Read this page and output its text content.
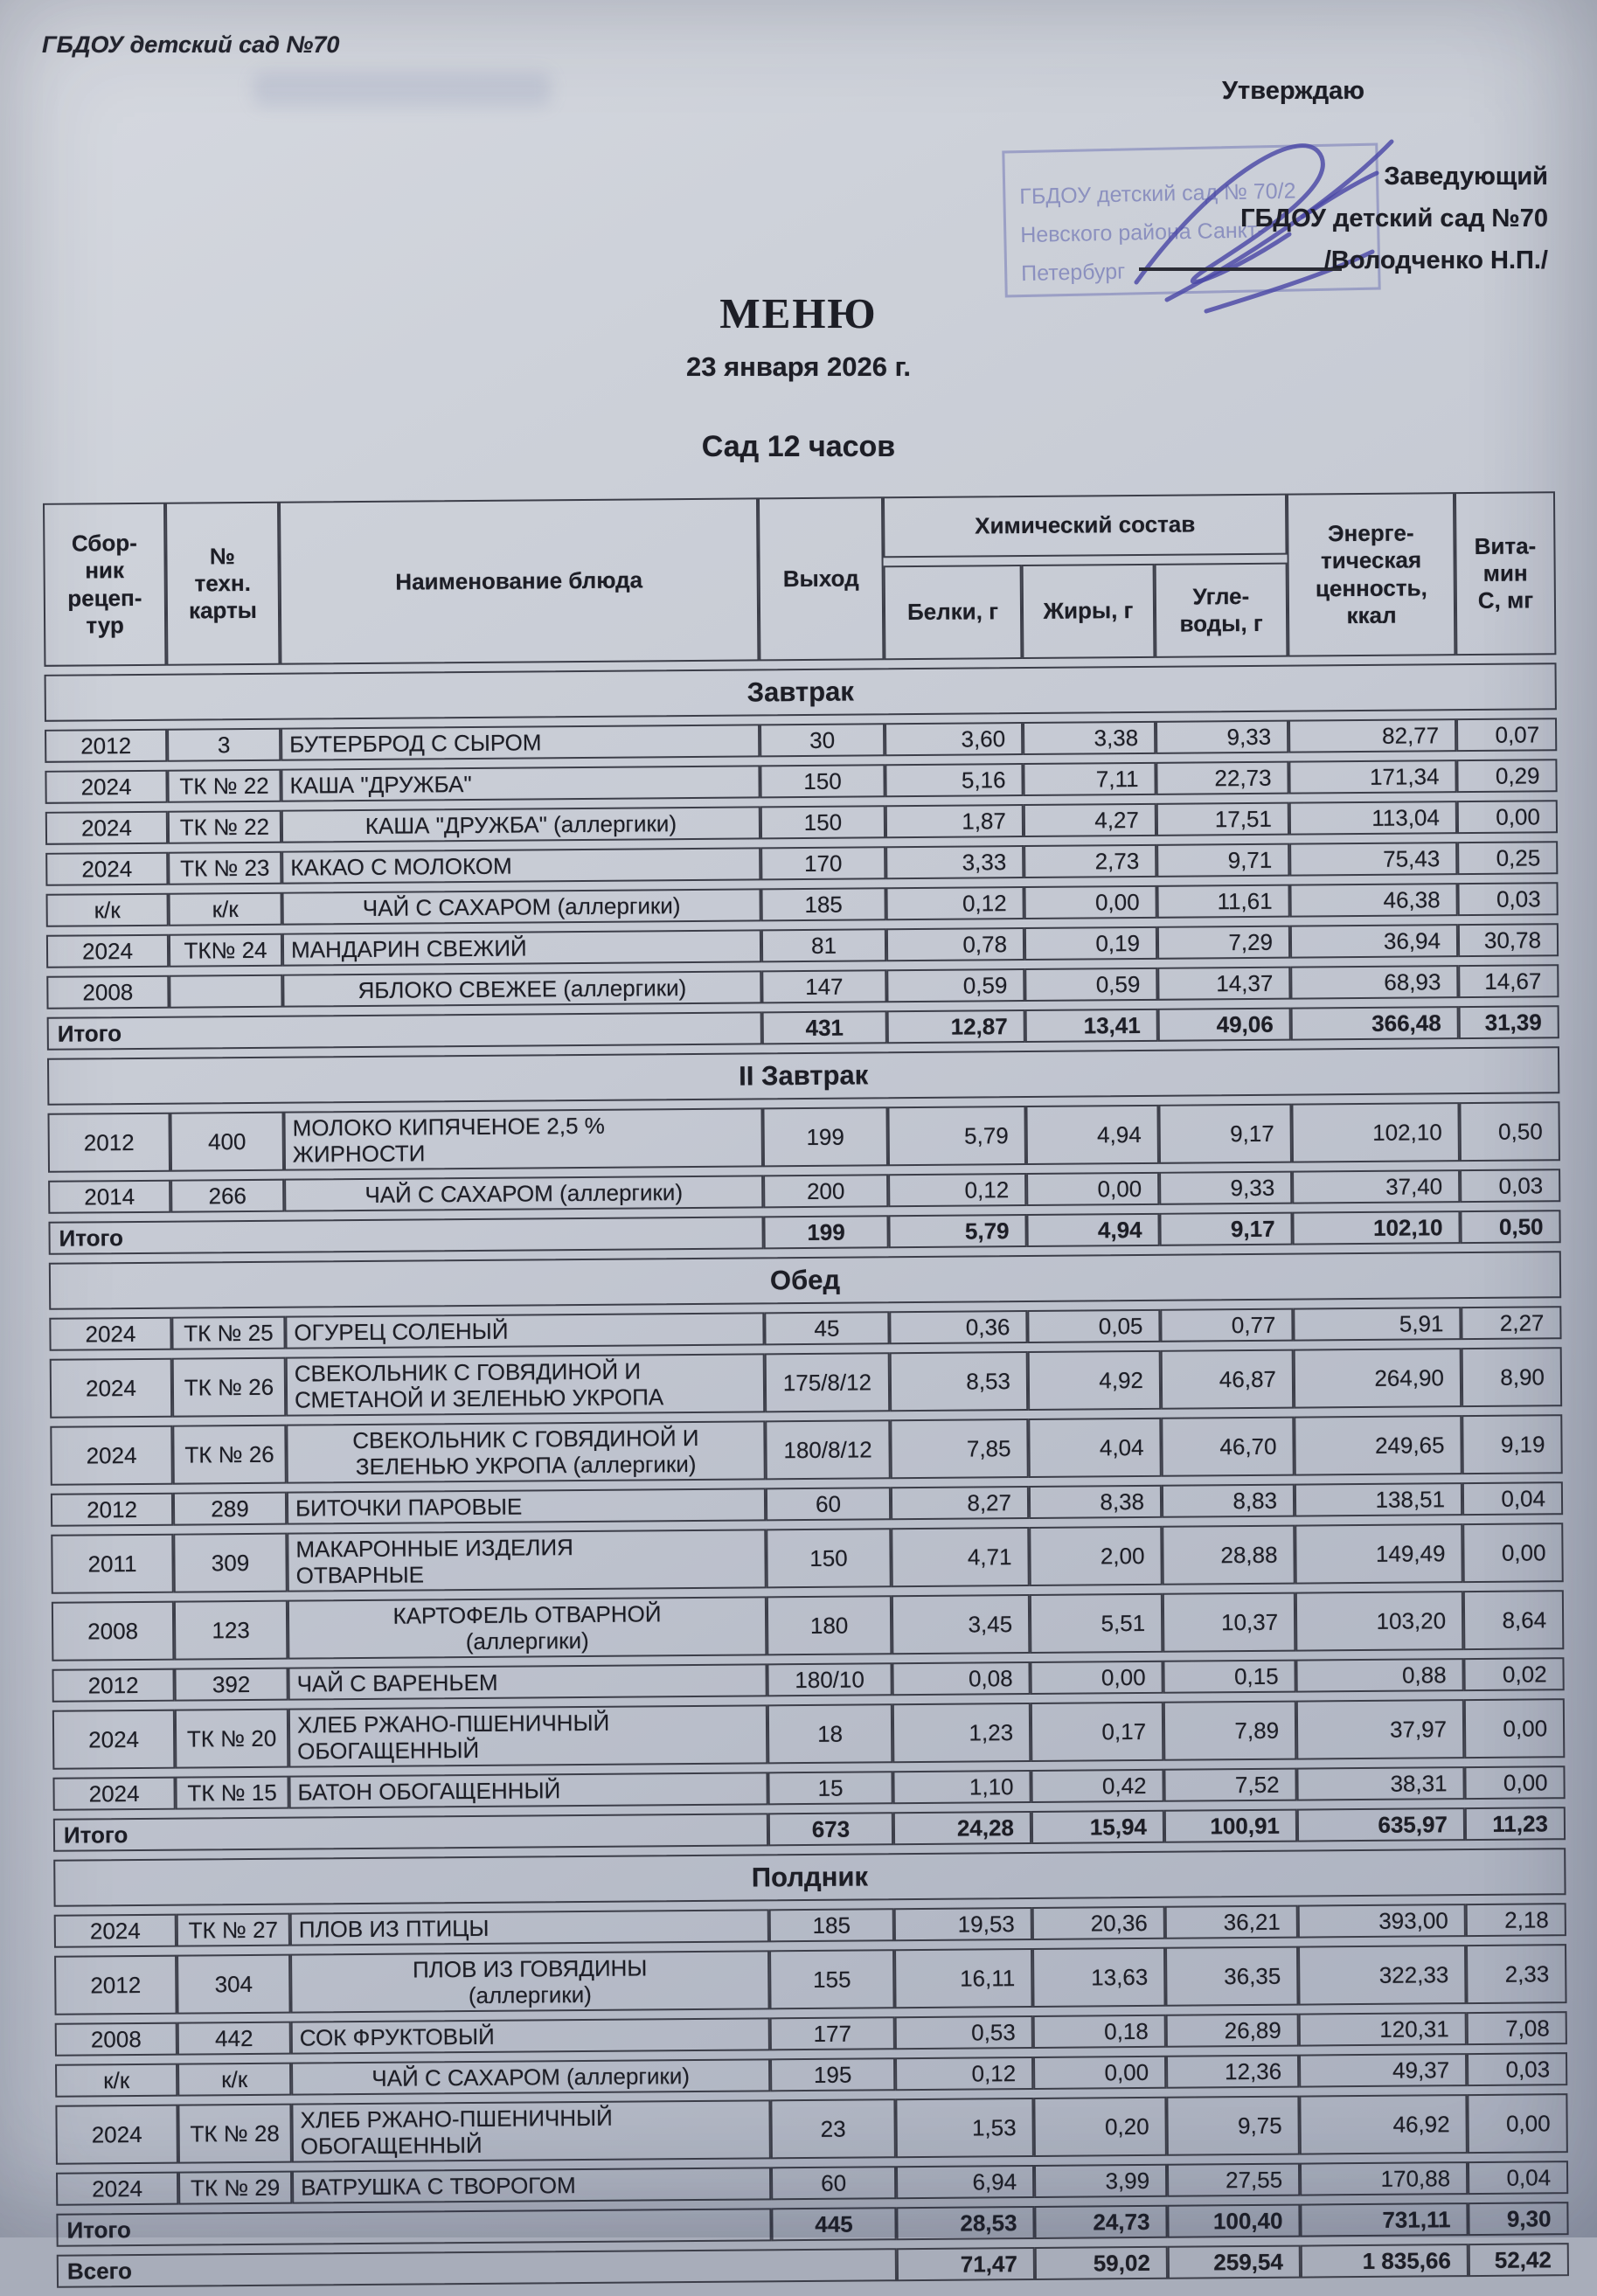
ГБДОУ детский сад №70
Утверждаю
ГБДОУ детский сад № 70/2
Невского района Санкт-Петербург
Заведующий
ГБДОУ детский сад №70
/Володченко Н.П./
МЕНЮ
23 января 2026 г.
Сад 12 часов
Сбор-
ник
рецеп-
тур	№
техн.
карты	Наименование блюда	Выход	Химический состав			Энерге-
тическая
ценность,
ккал	Вита-
мин
С, мг
				Белки, г	Жиры, г	Угле-
воды, г		
Завтрак								
2012	3	БУТЕРБРОД С СЫРОМ	30	3,60	3,38	9,33	82,77	0,07
2024	ТК № 22	КАША "ДРУЖБА"	150	5,16	7,11	22,73	171,34	0,29
2024	ТК № 22	КАША "ДРУЖБА" (аллергики)	150	1,87	4,27	17,51	113,04	0,00
2024	ТК № 23	КАКАО С МОЛОКОМ	170	3,33	2,73	9,71	75,43	0,25
к/к	к/к	ЧАЙ С САХАРОМ (аллергики)	185	0,12	0,00	11,61	46,38	0,03
2024	ТК№ 24	МАНДАРИН СВЕЖИЙ	81	0,78	0,19	7,29	36,94	30,78
2008		ЯБЛОКО СВЕЖЕЕ (аллергики)	147	0,59	0,59	14,37	68,93	14,67
Итого			431	12,87	13,41	49,06	366,48	31,39
II Завтрак								
2012	400	МОЛОКО КИПЯЧЕНОЕ 2,5 %
ЖИРНОСТИ	199	5,79	4,94	9,17	102,10	0,50
2014	266	ЧАЙ С САХАРОМ (аллергики)	200	0,12	0,00	9,33	37,40	0,03
Итого			199	5,79	4,94	9,17	102,10	0,50
Обед								
2024	ТК № 25	ОГУРЕЦ СОЛЕНЫЙ	45	0,36	0,05	0,77	5,91	2,27
2024	ТК № 26	СВЕКОЛЬНИК С ГОВЯДИНОЙ И
СМЕТАНОЙ И ЗЕЛЕНЬЮ УКРОПА	175/8/12	8,53	4,92	46,87	264,90	8,90
2024	ТК № 26	СВЕКОЛЬНИК С ГОВЯДИНОЙ И
ЗЕЛЕНЬЮ УКРОПА (аллергики)	180/8/12	7,85	4,04	46,70	249,65	9,19
2012	289	БИТОЧКИ ПАРОВЫЕ	60	8,27	8,38	8,83	138,51	0,04
2011	309	МАКАРОННЫЕ ИЗДЕЛИЯ
ОТВАРНЫЕ	150	4,71	2,00	28,88	149,49	0,00
2008	123	КАРТОФЕЛЬ ОТВАРНОЙ
(аллергики)	180	3,45	5,51	10,37	103,20	8,64
2012	392	ЧАЙ С ВАРЕНЬЕМ	180/10	0,08	0,00	0,15	0,88	0,02
2024	ТК № 20	ХЛЕБ РЖАНО-ПШЕНИЧНЫЙ
ОБОГАЩЕННЫЙ	18	1,23	0,17	7,89	37,97	0,00
2024	ТК № 15	БАТОН ОБОГАЩЕННЫЙ	15	1,10	0,42	7,52	38,31	0,00
Итого			673	24,28	15,94	100,91	635,97	11,23
Полдник								
2024	ТК № 27	ПЛОВ ИЗ ПТИЦЫ	185	19,53	20,36	36,21	393,00	2,18
2012	304	ПЛОВ ИЗ ГОВЯДИНЫ
(аллергики)	155	16,11	13,63	36,35	322,33	2,33
2008	442	СОК ФРУКТОВЫЙ	177	0,53	0,18	26,89	120,31	7,08
к/к	к/к	ЧАЙ С САХАРОМ (аллергики)	195	0,12	0,00	12,36	49,37	0,03
2024	ТК № 28	ХЛЕБ РЖАНО-ПШЕНИЧНЫЙ
ОБОГАЩЕННЫЙ	23	1,53	0,20	9,75	46,92	0,00
2024	ТК № 29	ВАТРУШКА С ТВОРОГОМ	60	6,94	3,99	27,55	170,88	0,04
Итого			445	28,53	24,73	100,40	731,11	9,30
Всего				71,47	59,02	259,54	1 835,66	52,42
